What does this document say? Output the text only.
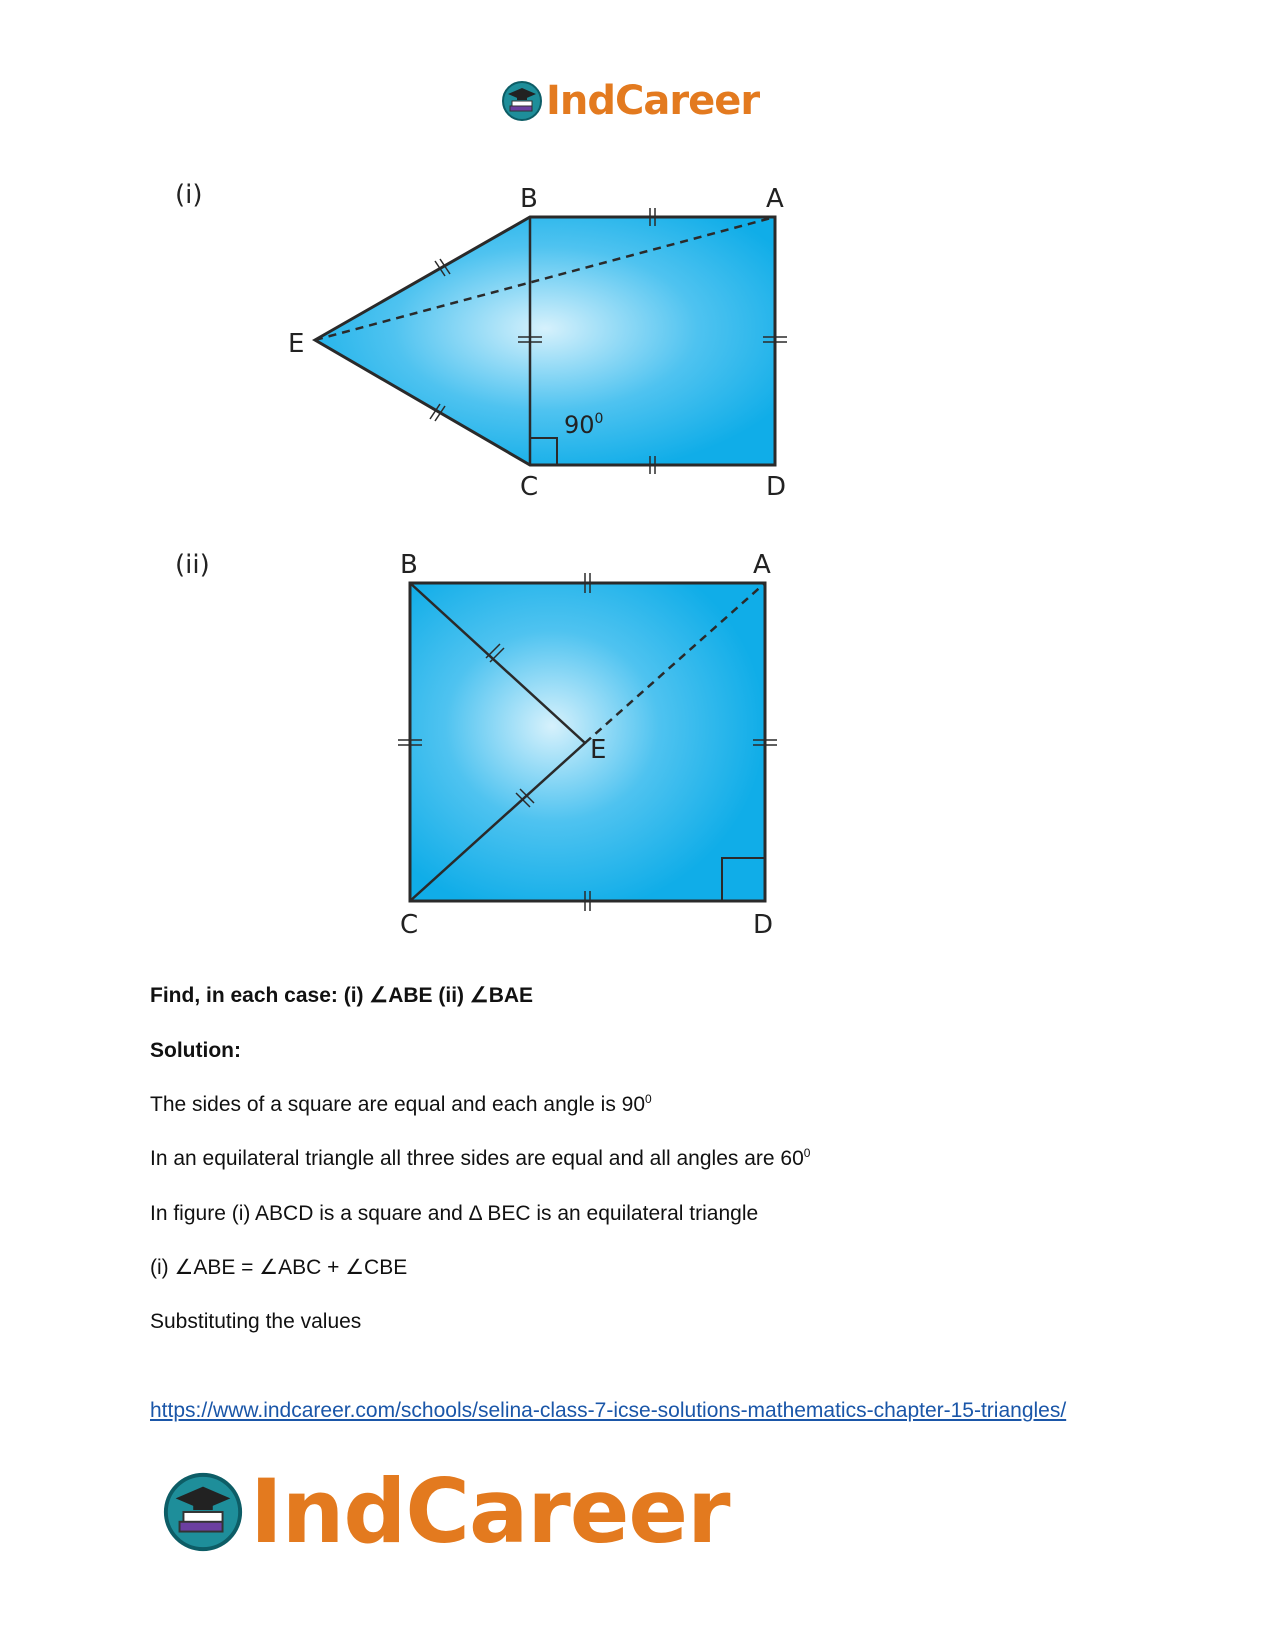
IndCareer
(i)	B	A
E
C	D
$90^0$
(ii)	B	A
E
C	D
Find, in each case: (i) ∠ABE (ii) ∠BAE
Solution:
The sides of a square are equal and each angle is $90^0$
In an equilateral triangle all three sides are equal and all angles are $60^0$
In figure (i) ABCD is a square and Δ BEC is an equilateral triangle
(i) ∠ABE = ∠ABC + ∠CBE
Substituting the values
https://www.indcareer.com/schools/selina-class-7-icse-solutions-mathematics-chapter-15-triangles/
IndCareer
